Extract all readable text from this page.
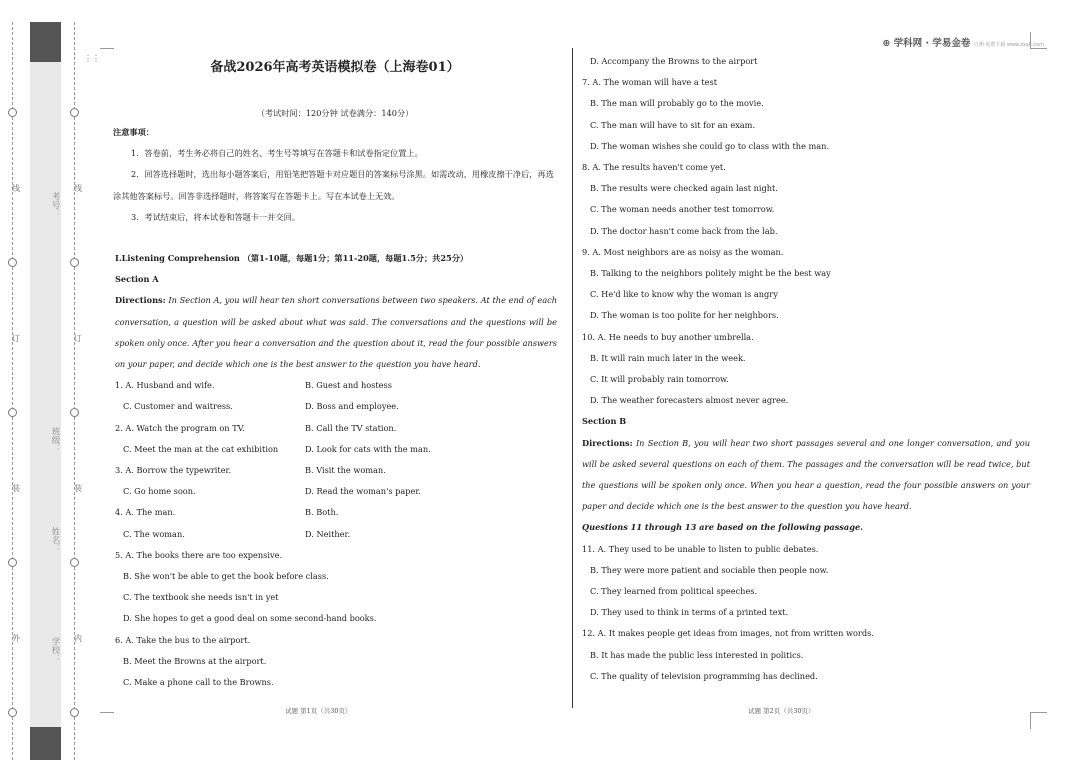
考号：
班级：
姓名：
学校：
外
装
订
线
内
装
订
线
⋮⋮
⊕ 学科网 · 学易金卷 自测·免费下载 www.zxxk.com
备战2026年高考英语模拟卷（上海卷01）
（考试时间：120分钟 试卷满分：140分）
注意事项：
1．答卷前，考生务必将自己的姓名、考生号等填写在答题卡和试卷指定位置上。
2．回答选择题时，选出每小题答案后，用铅笔把答题卡对应题目的答案标号涂黑。如需改动，用橡皮擦干净后，再选涂其他答案标号。回答非选择题时，将答案写在答题卡上。写在本试卷上无效。
3．考试结束后，将本试卷和答题卡一并交回。
I.Listening Comprehension （第1-10题，每题1分；第11-20题，每题1.5分；共25分）
Section A
Directions: In Section A, you will hear ten short conversations between two speakers. At the end of each conversation, a question will be asked about what was said. The conversations and the questions will be spoken only once. After you hear a conversation and the question about it, read the four possible answers on your paper, and decide which one is the best answer to the question you have heard.
1. A. Husband and wife.	B. Guest and hostess
C. Customer and waitress.	D. Boss and employee.
2. A. Watch the program on TV.	B. Call the TV station.
C. Meet the man at the cat exhibition	D. Look for cats with the man.
3. A. Borrow the typewriter.	B. Visit the woman.
C. Go home soon.	D. Read the woman's paper.
4. A. The man.	B. Both.
C. The woman.	D. Neither.
5. A. The books there are too expensive.
B. She won't be able to get the book before class.
C. The textbook she needs isn't in yet
D. She hopes to get a good deal on some second-hand books.
6. A. Take the bus to the airport.
B. Meet the Browns at the airport.
C. Make a phone call to the Browns.
D. Accompany the Browns to the airport
7. A. The woman will have a test
B. The man will probably go to the movie.
C. The man will have to sit for an exam.
D. The woman wishes she could go to class with the man.
8. A. The results haven't come yet.
B. The results were checked again last night.
C. The woman needs another test tomorrow.
D. The doctor hasn't come back from the lab.
9. A. Most neighbors are as noisy as the woman.
B. Talking to the neighbors politely might be the best way
C. He'd like to know why the woman is angry
D. The woman is too polite for her neighbors.
10. A. He needs to buy another umbrella.
B. It will rain much later in the week.
C. It will probably rain tomorrow.
D. The weather forecasters almost never agree.
Section B
Directions: In Section B, you will hear two short passages several and one longer conversation, and you will be asked several questions on each of them. The passages and the conversation will be read twice, but the questions will be spoken only once. When you hear a question, read the four possible answers on your paper and decide which one is the best answer to the question you have heard.
Questions 11 through 13 are based on the following passage.
11. A. They used to be unable to listen to public debates.
B. They were more patient and sociable then people now.
C. They learned from political speeches.
D. They used to think in terms of a printed text.
12. A. It makes people get ideas from images, not from written words.
B. It has made the public less interested in politics.
C. The quality of television programming has declined.
试题 第1页（共30页）	试题 第2页（共30页）
